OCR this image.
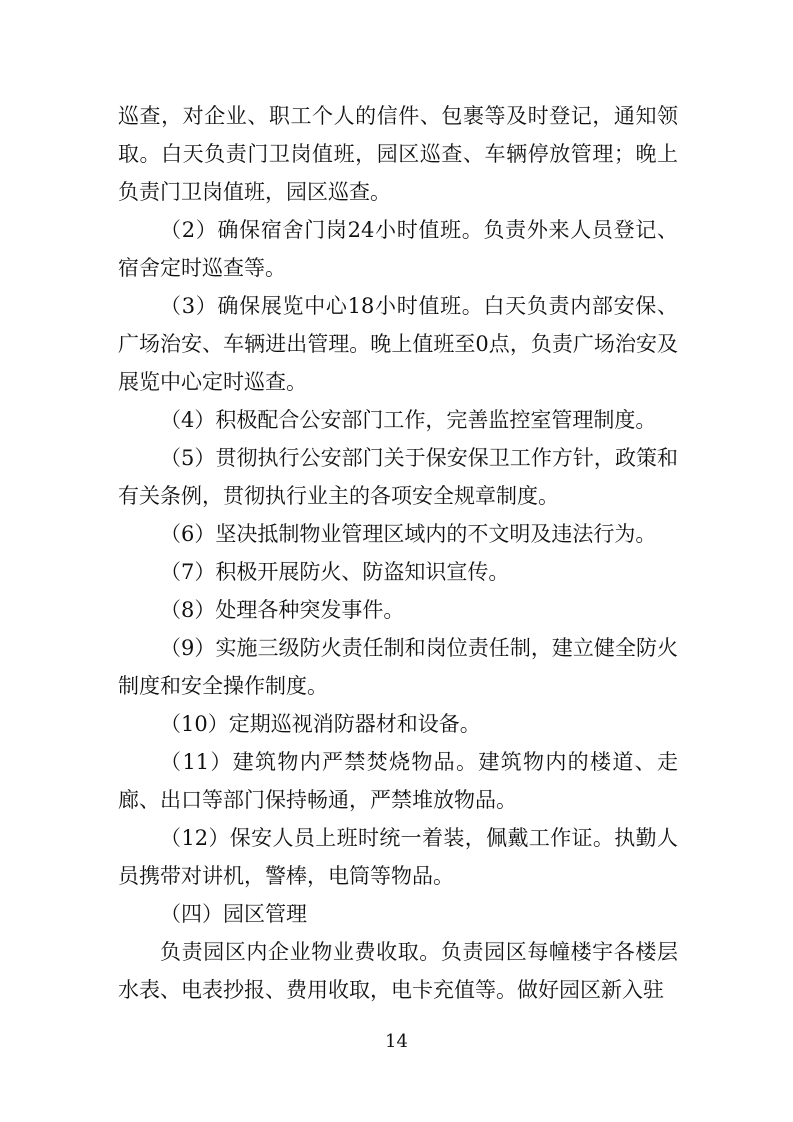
巡查，对企业、职工个人的信件、包裹等及时登记，通知领取。白天负责门卫岗值班，园区巡查、车辆停放管理；晚上负责门卫岗值班，园区巡查。

（2）确保宿舍门岗24小时值班。负责外来人员登记、宿舍定时巡查等。

（3）确保展览中心18小时值班。白天负责内部安保、广场治安、车辆进出管理。晚上值班至0点，负责广场治安及展览中心定时巡查。

（4）积极配合公安部门工作，完善监控室管理制度。

（5）贯彻执行公安部门关于保安保卫工作方针，政策和有关条例，贯彻执行业主的各项安全规章制度。

（6）坚决抵制物业管理区域内的不文明及违法行为。

（7）积极开展防火、防盗知识宣传。

（8）处理各种突发事件。

（9）实施三级防火责任制和岗位责任制，建立健全防火制度和安全操作制度。

（10）定期巡视消防器材和设备。

（11）建筑物内严禁焚烧物品。建筑物内的楼道、走廊、出口等部门保持畅通，严禁堆放物品。

（12）保安人员上班时统一着装，佩戴工作证。执勤人员携带对讲机，警棒，电筒等物品。

（四）园区管理

负责园区内企业物业费收取。负责园区每幢楼宇各楼层水表、电表抄报、费用收取，电卡充值等。做好园区新入驻

14
